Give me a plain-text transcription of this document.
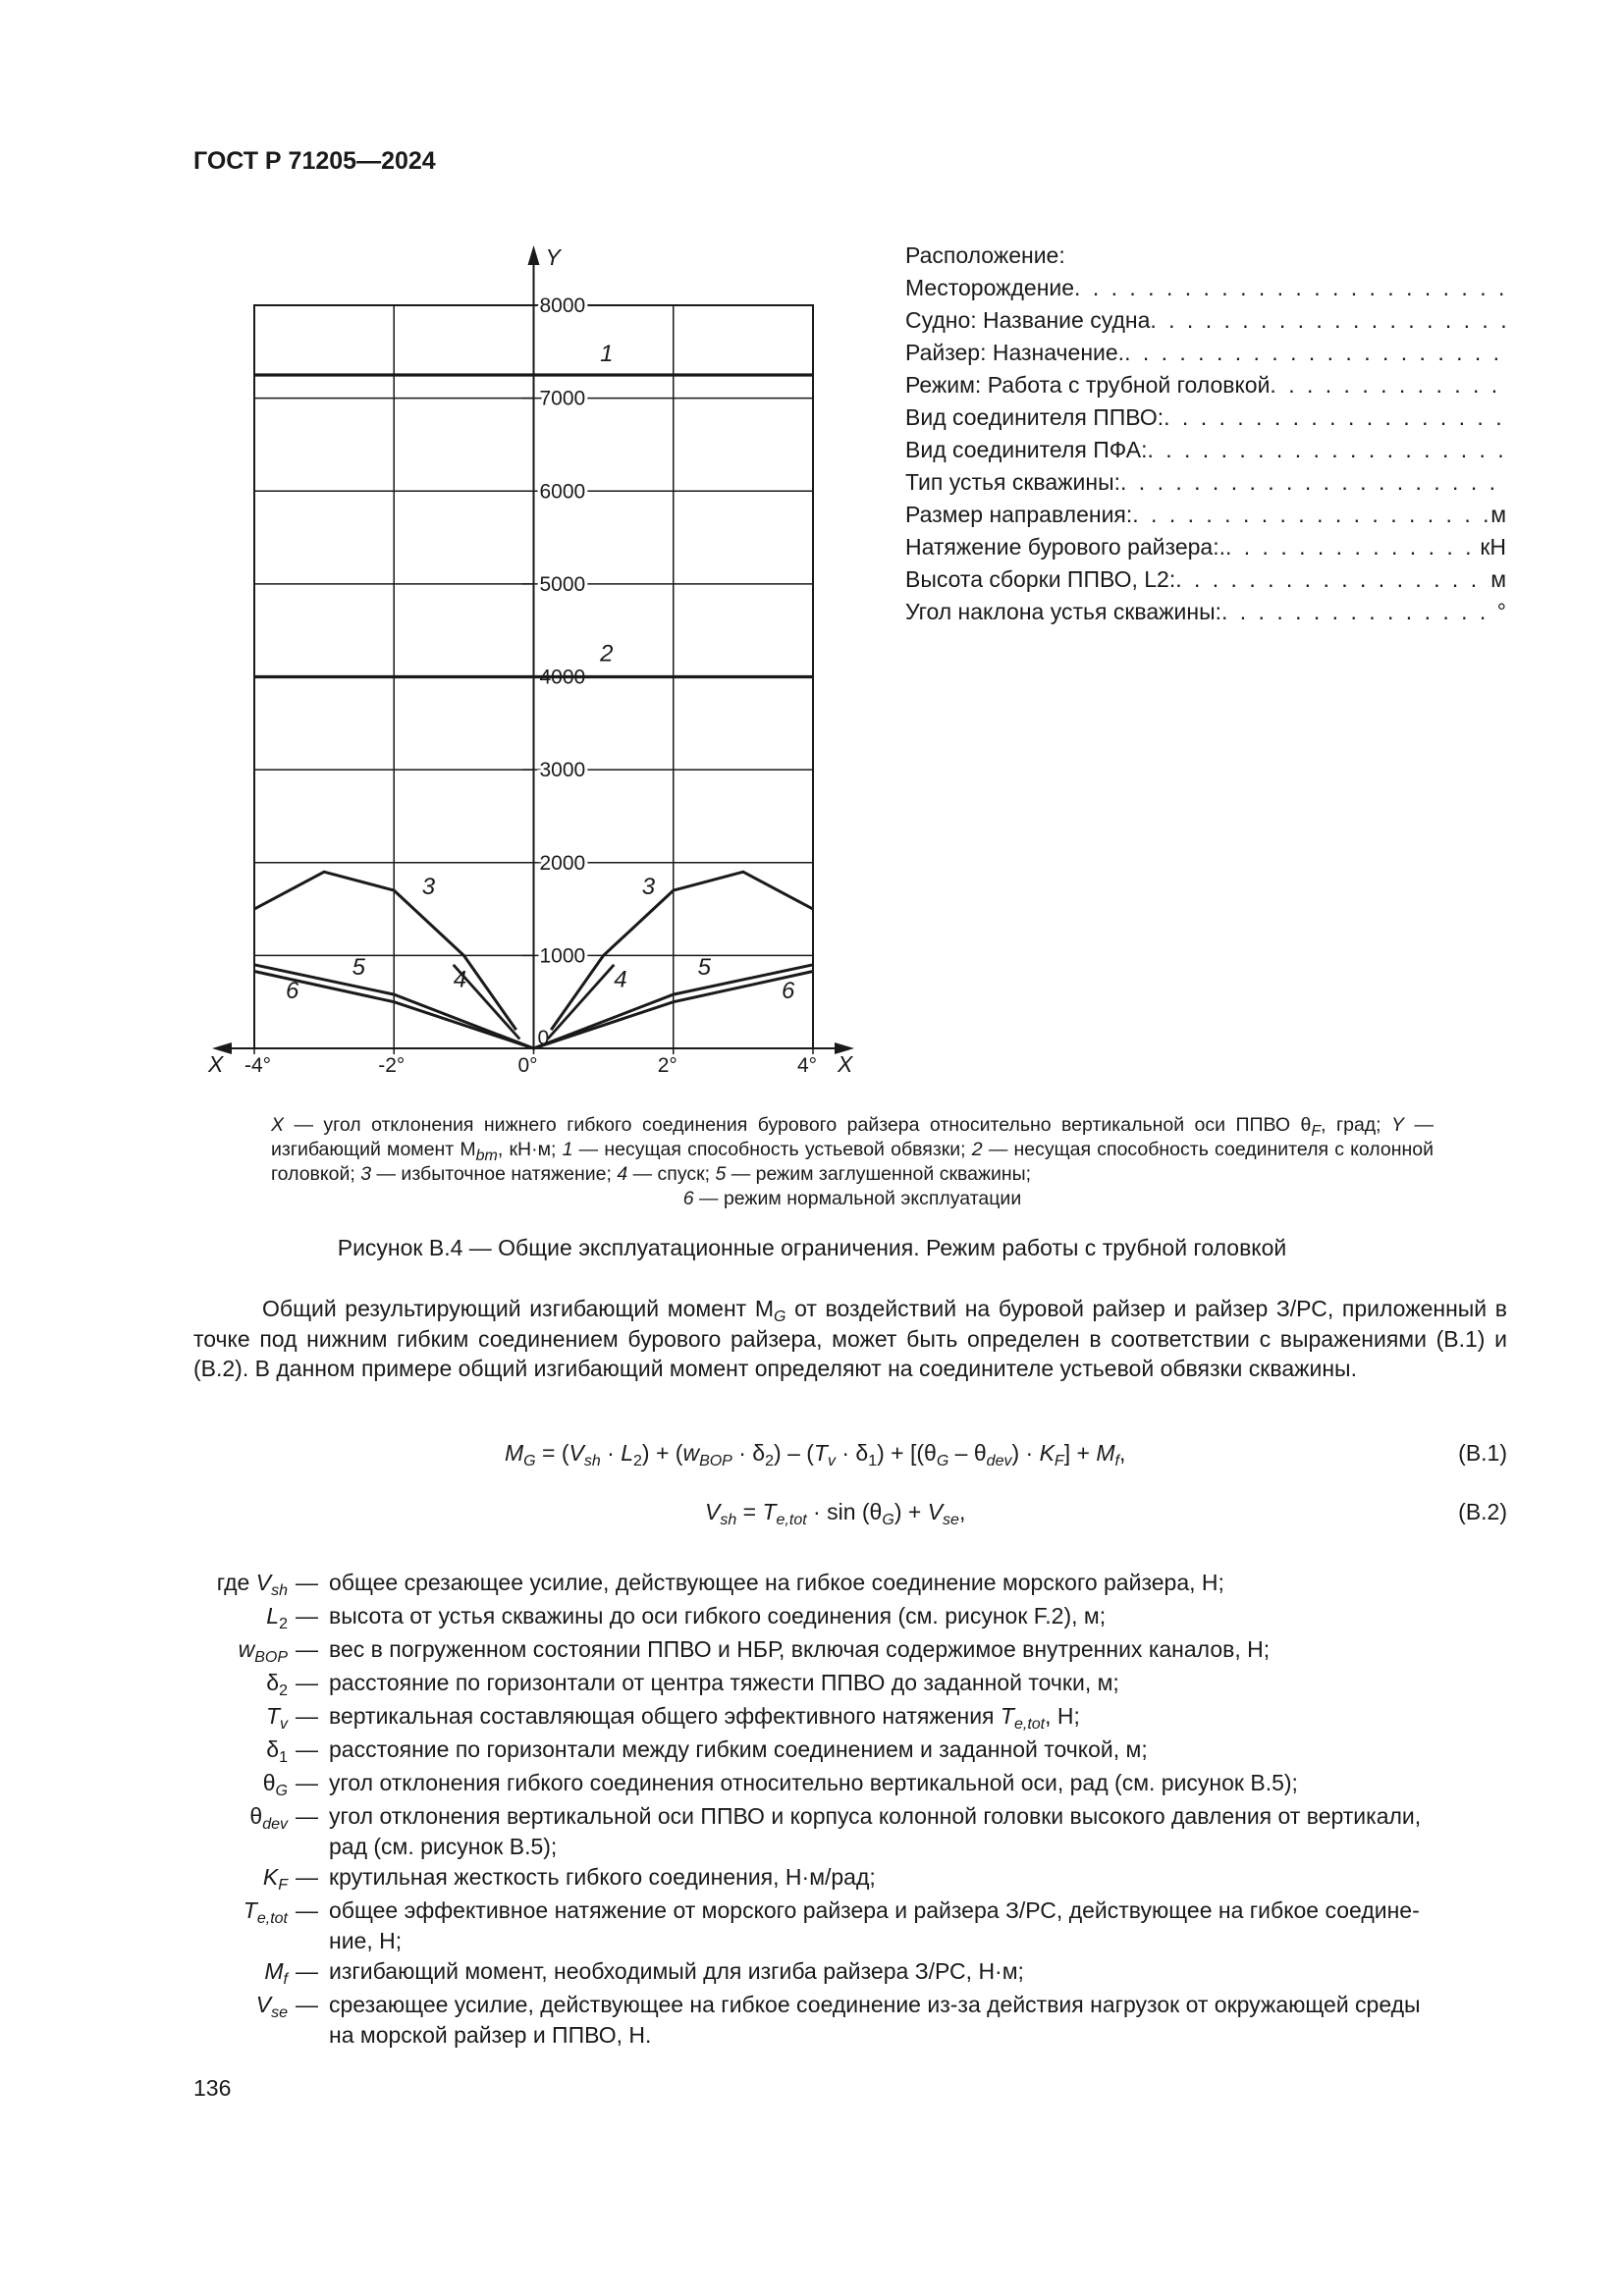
ГОСТ Р 71205—2024
Y
X	X
0
1000
2000
3000
4000
5000
6000
7000
8000
-4°	-2°	0°	2°	4°
1
2
3	3
4	4
5	5
6	6
Расположение:
Месторождение
. . .
Судно: Название судна
. . .
Райзер: Назначение.
. . .
Режим: Работа с трубной головкой
. . .
Вид соединителя ППВО:
. . .
Вид соединителя ПФА:
. . .
Тип устья скважины:
. . .
Размер направления: . . .	м
Натяжение бурового райзера:. . . .	кН
Высота сборки ППВО, L2: . . .	м
Угол наклона устья скважины: . . .	°
X — угол отклонения нижнего гибкого соединения бурового райзера относительно вертикальной оси ППВО $\theta_F$, град; Y — изгибающий момент $M_{bm}$, кН·м; 1 — несущая способность устьевой обвязки; 2 — несущая способность соединителя с колонной головкой; 3 — избыточное натяжение; 4 — спуск; 5 — режим заглушенной скважины;
6 — режим нормальной эксплуатации
Рисунок В.4 — Общие эксплуатационные ограничения. Режим работы с трубной головкой
Общий результирующий изгибающий момент $M_G$ от воздействий на буровой райзер и райзер З/РС, приложенный в точке под нижним гибким соединением бурового райзера, может быть определен в соответствии с выражениями (В.1) и (В.2). В данном примере общий изгибающий момент определяют на соединителе устьевой обвязки скважины.
$M_G = (V_{sh} \cdot L_2) + (w_{BOP} \cdot \delta_2) - (T_v \cdot \delta_1) + [(\theta_G - \theta_{dev}) \cdot K_F] + M_f$,	(В.1)
$V_{sh} = T_{e,tot} \cdot \sin (\theta_G) + V_{se}$,	(В.2)
где $V_{sh}$ — общее срезающее усилие, действующее на гибкое соединение морского райзера, Н;
$L_2$ — высота от устья скважины до оси гибкого соединения (см. рисунок F.2), м;
$w_{BOP}$ — вес в погруженном состоянии ППВО и НБР, включая содержимое внутренних каналов, Н;
$\delta_2$ — расстояние по горизонтали от центра тяжести ППВО до заданной точки, м;
$T_v$ — вертикальная составляющая общего эффективного натяжения $T_{e,tot}$, Н;
$\delta_1$ — расстояние по горизонтали между гибким соединением и заданной точкой, м;
$\theta_G$ — угол отклонения гибкого соединения относительно вертикальной оси, рад (см. рисунок В.5);
$\theta_{dev}$ — угол отклонения вертикальной оси ППВО и корпуса колонной головки высокого давления от вертикали,
рад (см. рисунок В.5);
$K_F$ — крутильная жесткость гибкого соединения, Н·м/рад;
$T_{e,tot}$ — общее эффективное натяжение от морского райзера и райзера З/РС, действующее на гибкое соедине-
ние, Н;
$M_f$ — изгибающий момент, необходимый для изгиба райзера З/РС, Н·м;
$V_{se}$ — срезающее усилие, действующее на гибкое соединение из-за действия нагрузок от окружающей среды
на морской райзер и ППВО, Н.
136
